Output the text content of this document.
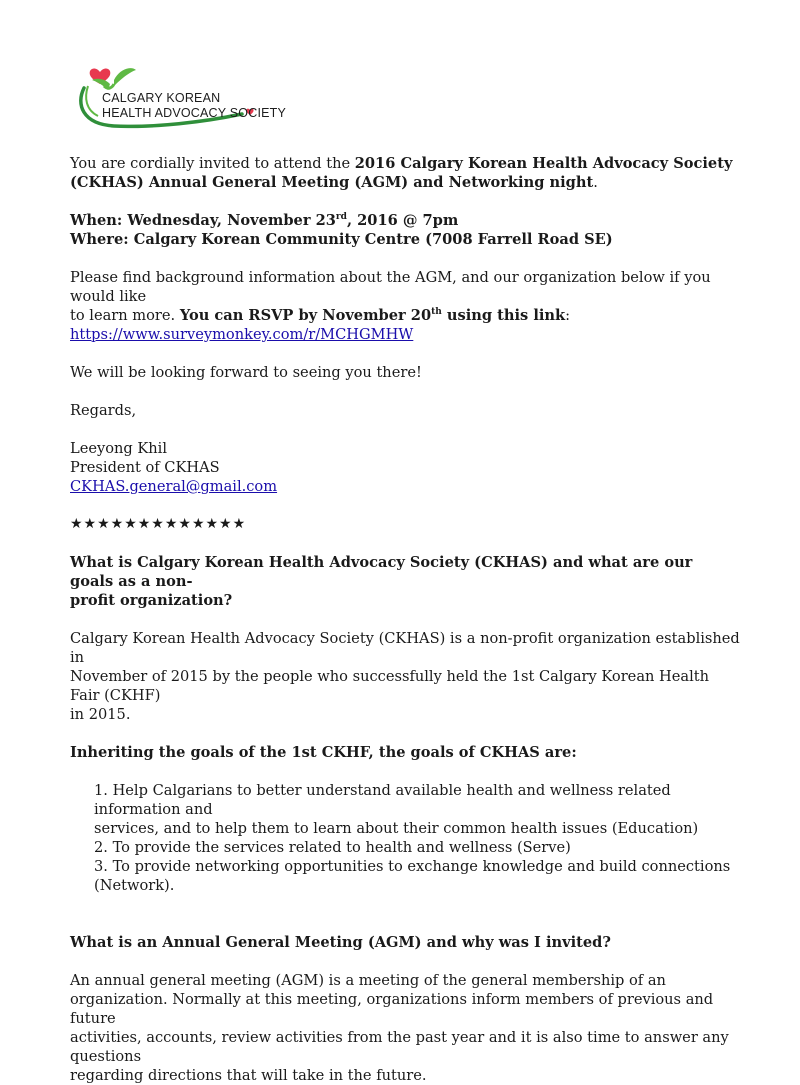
CALGARY KOREAN
HEALTH ADVOCACY SOCIETY

You are cordially invited to attend the 2016 Calgary Korean Health Advocacy Society (CKHAS) Annual General Meeting (AGM) and Networking night.

When: Wednesday, November 23rd, 2016 @ 7pm

Where: Calgary Korean Community Centre (7008 Farrell Road SE)

Please find background information about the AGM, and our organization below if you would like
to learn more. You can RSVP by November 20th using this link:
https://www.surveymonkey.com/r/MCHGMHW

We will be looking forward to seeing you there!

Regards,

Leeyong Khil

President of CKHAS

CKHAS.general@gmail.com

★★★★★★★★★★★★★

What is Calgary Korean Health Advocacy Society (CKHAS) and what are our goals as a non-
profit organization?

Calgary Korean Health Advocacy Society (CKHAS) is a non-profit organization established in
November of 2015 by the people who successfully held the 1st Calgary Korean Health Fair (CKHF)
in 2015.

Inheriting the goals of the 1st CKHF, the goals of CKHAS are:

1. Help Calgarians to better understand available health and wellness related information and

services, and to help them to learn about their common health issues (Education)

2. To provide the services related to health and wellness (Serve)

3. To provide networking opportunities to exchange knowledge and build connections

(Network).

What is an Annual General Meeting (AGM) and why was I invited?

An annual general meeting (AGM) is a meeting of the general membership of an
organization. Normally at this meeting, organizations inform members of previous and future
activities, accounts, review activities from the past year and it is also time to answer any questions
regarding directions that will take in the future.
